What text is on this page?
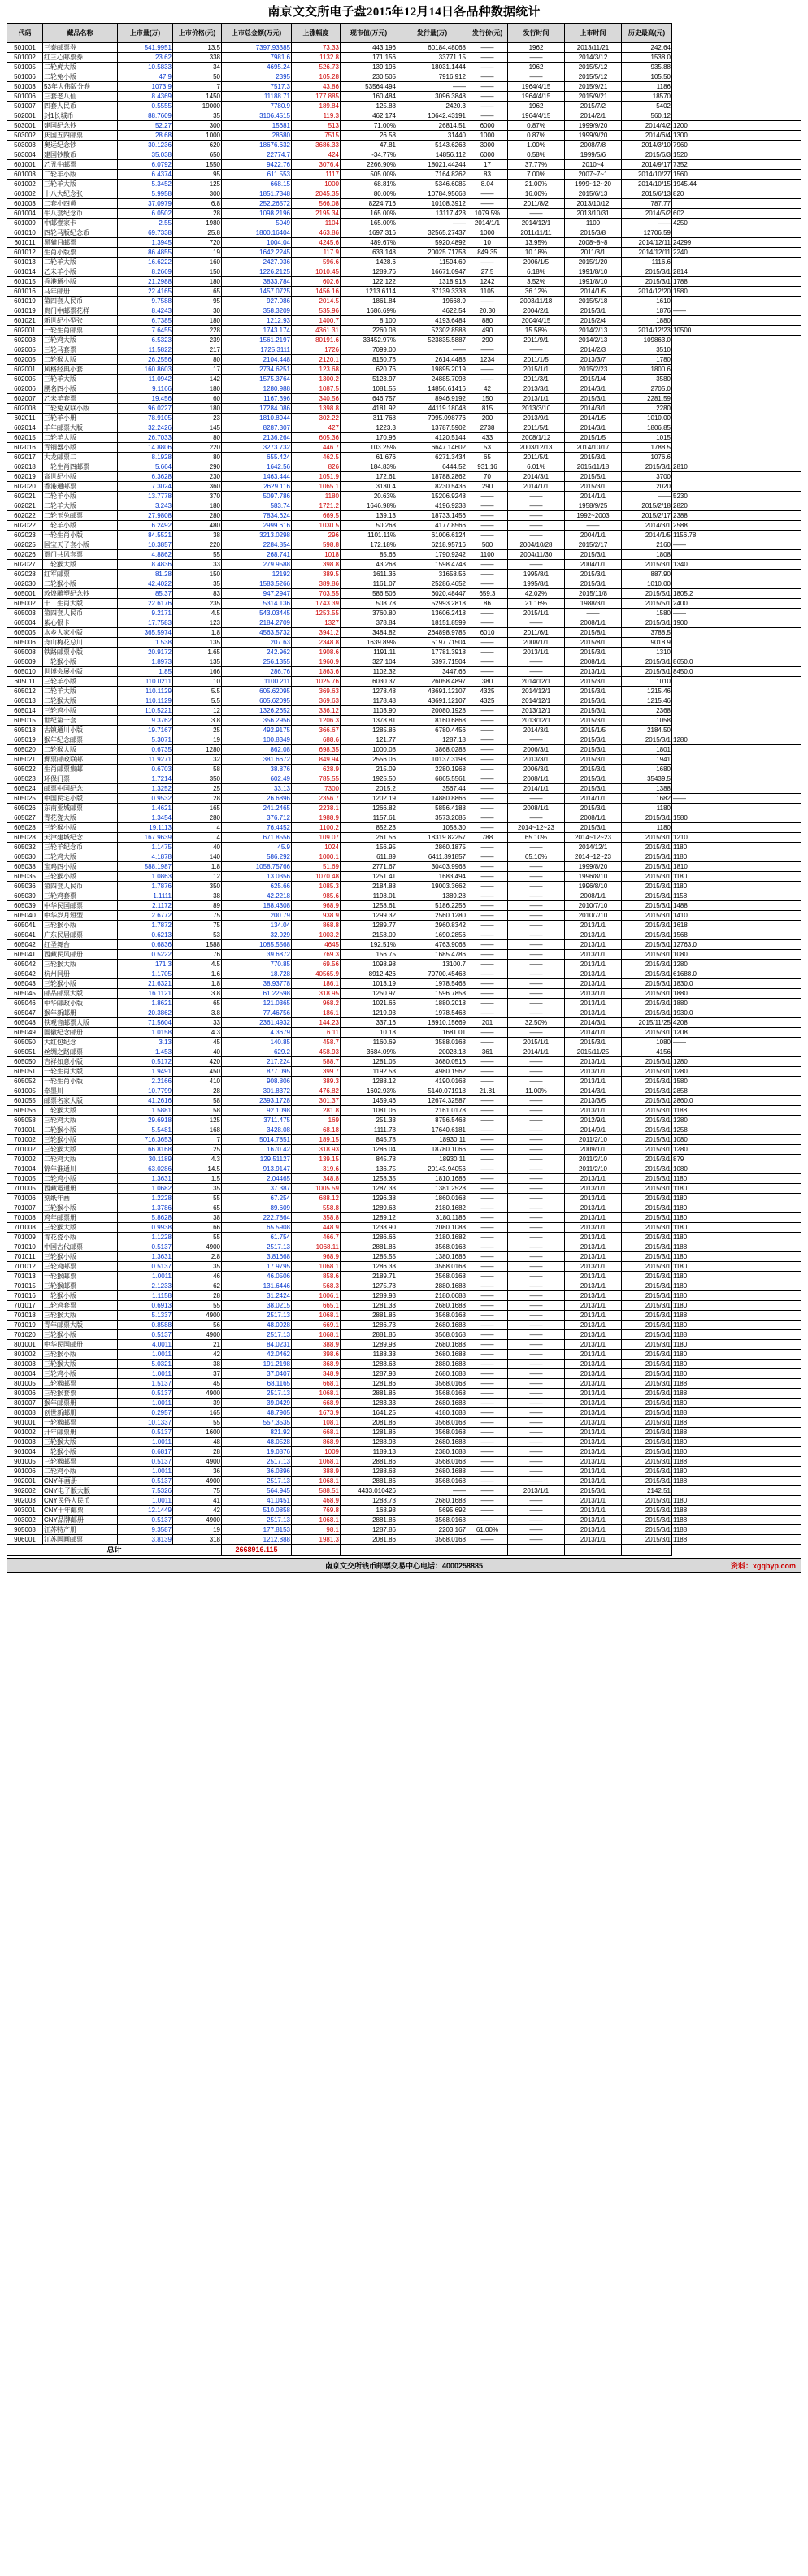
南京文交所电子盘2015年12月14日各品种数据统计
代码	藏品名称	上市量(万)	上市价格(元)	上市总金额(万元)	上涨幅度	现市值(万元)	发行量(万)	发行价(元)	发行时间	上市时间	历史最高(元)	
501001	三泰邮票券	541.9951	13.5	7397.93385	73.33	443.196	60184.48068	——	1962	2013/11/21	242.64	
501002	红三心邮票券	23.62	338	7981.6	1132.8	171.156	33771.15	——	——	2014/3/12	1538.0	
501005	二轮虎大版	10.5833	34	4695.24	526.73	139.196	18031.1444	——	1962	2015/5/12	935.88	
501006	二轮兔小版	47.9	50	2395	105.28	230.505	7916.912	——	——	2015/5/12	105.50	
501003	53年大伟版分卷	1073.9	7	7517.3	43.86	53564.494	——	——	1964/4/15	2015/9/21	1186	
501006	三套老八仙	8.4369	1450	11188.71	177.885	160.484	3096.3848	——	1964/4/15	2015/9/21	18570	
501007	四套人民币	0.5555	19000	7780.9	189.84	125.88	2420.3	——	1962	2015/7/2	5402	
502001	封1长城币	88.7609	35	3106.4515	119.3	462.174	10642.43191	——	1964/4/15	2014/2/1	560.12	
503001	建国纪念钞	52.27	300	15681	513	71.00%	26814.51	6000	0.87%	1999/9/20	2014/4/2	1200
503002	庆国五四邮票	28.68	1000	28680	7515	26.58	31440	1000	0.87%	1999/9/20	2014/6/4	1300
503003	奥运纪念钞	30.1236	620	18676.632	3686.33	47.81	5143.6263	3000	1.00%	2008/7/8	2014/3/10	7960
503004	建国钞散币	35.038	650	22774.7	424	-34.77%	14856.112	6000	0.58%	1999/5/6	2015/6/3	1520
601001	乙丑牛邮票	6.0792	1550	9422.76	3076.4	2266.90%	18021.44244	17	37.77%	2010~4	2014/9/17	7352
601003	二轮羊小版	6.4374	95	611.553	1117	505.00%	7164.8262	83	7.00%	2007~7~1	2014/10/27	1560
601002	三轮羊大版	5.3452	125	668.15	1000	68.81%	5346.6085	8.04	21.00%	1999~12~20	2014/10/15	1945.44
601002	十八大纪念张	5.9958	300	1851.7348	2045.35	80.00%	10784.95668	——	16.00%	2015/6/13	2015/6/13	820
601003	二套小四黄	37.0979	6.8	252.26572	566.08	8224.716	10108.3912	——	2011/8/2	2013/10/12	787.77	
601004	牛八套纪念币	6.0502	28	1098.2196	2195.34	165.00%	13117.423	1079.5%	——	2013/10/31	2014/5/2	602
601009	中邮壹家卡	2.55	1980	5049	1104	165.00%	——	2014/1/1	2014/12/1	1100	——	4250
601010	四轮马版纪念币	69.7338	25.8	1800.16404	463.86	1697.316	32565.27437	1000	2011/11/11	2015/3/8	12706.59	
601011	黑猫目邮票	1.3945	720	1004.04	4245.6	489.67%	5920.4892	10	13.95%	2008~8~8	2014/12/11	24299
601012	生肖小版票	86.4855	19	1642.2245	117.9	633.148	20025.71753	849.35	10.18%	2011/8/1	2014/12/11	2240
601013	二轮羊大版	16.6222	160	2427.936	596.6	1428.6	11594.69	——	2006/1/5	2015/1/20	1116.6	
601014	乙未羊小版	8.2669	150	1226.2125	1010.45	1289.76	16671.0947	27.5	6.18%	1991/8/10	2015/3/1	2814
601015	香港通小版	21.2988	180	3833.784	602.6	122.122	1318.918	1242	3.52%	1991/8/10	2015/3/1	1788
601016	马年邮册	22.4165	65	1457.0725	1456.16	1213.6114	37139.3333	1105	36.12%	2014/1/5	2014/12/20	1580
601019	第四套人民币	9.7588	95	927.086	2014.5	1861.84	19668.9	——	2003/11/18	2015/5/18	1610	
601019	贵门中邮票花样	8.4243	30	358.3209	535.96	1686.69%	4622.54	20.30	2004/2/1	2015/3/1	1876	——
601021	新世纪小型张	6.7385	180	1212.93	1400.7	8.100	4193.6484	880	2004/4/15	2015/2/4	1880	
602001	一轮生肖邮票	7.6455	228	1743.174	4361.31	2260.08	52302.8588	490	15.58%	2014/2/13	2014/12/23	10500
602003	三轮鸡大版	6.5323	239	1561.2197	80191.6	33452.97%	523835.5887	290	2011/9/1	2014/2/13	109863.0	
602005	三轮马套票	11.5822	217	1725.3111	1726	7099.00	——	——	——	2014/2/3	3510	
602005	二轮猴大版	26.2556	80	2104.448	2120.1	8150.76	2614.4488	1234	2011/1/5	2013/3/7	1780	
602001	风格经典小套	160.8603	17	2734.6251	123.68	620.76	19895.2019	——	2015/1/1	2015/2/23	1800.6	
602005	三轮羊大版	11.0942	142	1575.3764	1300.2	5128.97	24885.7098	——	2011/3/1	2015/1/4	3580	
602006	鹏名四小版	9.1166	180	1280.988	1087.5	1081.55	14856.61416	42	2013/3/1	2014/3/1	2705.0	
602007	乙未羊套票	19.456	60	1167.396	340.56	646.757	8946.9192	150	2013/1/1	2015/3/1	2281.59	
602008	二轮兔双联小版	96.0227	180	17284.086	1398.8	4181.92	44119.18048	815	2013/3/10	2014/3/1	2280	
602011	三轮羊小册	78.9105	23	1810.8944	302.22	311.768	7995.098776	200	2013/9/1	2014/1/5	1010.00	
602014	羊年邮票大版	32.2426	145	8287.307	427	1223.3	13787.5902	2738	2011/5/1	2014/3/1	1806.85	
602015	二轮羊大版	26.7033	80	2136.264	605.36	170.96	4120.5144	433	2008/1/12	2015/1/5	1015	
602016	青铜器小版	14.8806	220	3273.732	446.7	103.25%	6647.14602	53	2003/12/13	2014/10/17	1788.5	
602017	大龙邮票二	8.1928	80	655.424	462.5	61.676	6271.3434	65	2011/5/1	2015/3/1	1076.6	
602018	一轮生肖四邮票	5.664	290	1642.56	826	184.83%	6444.52	931.16	6.01%	2015/11/18	2015/3/1	2810
602019	高世纪小版	6.3628	230	1463.444	1051.9	172.61	18788.2862	70	2014/3/1	2015/5/1	3700	
602020	香港通邮票	7.3024	360	2629.116	1065.1	3130.4	8230.5436	290	2014/1/1	2015/3/1	2020	
602021	二轮羊小版	13.7778	370	5097.786	1180	20.63%	15206.9248	——	——	2014/1/1	——	5230
602021	二轮羊大版	3.243	180	583.74	1721.2	1646.98%	4196.9238	——	——	1958/9/25	2015/2/18	2820
602022	二轮玉兔邮票	27.9808	280	7834.624	669.5	139.13	18733.1456	——	——	1992~2003	2015/2/17	2388
602022	二轮羊小版	6.2492	480	2999.616	1030.5	50.268	4177.8566	——	——	——	2014/3/1	2588
602023	一轮生肖小版	84.5521	38	3213.0298	296	1101.11%	61006.6124	——	——	2004/1/1	2014/1/5	1156.78
602025	国宝天子套小版	10.3857	220	2284.854	598.8	172.18%	6218.95716	500	2004/10/28	2015/2/17	2160	——
602026	贾门共风套票	4.8862	55	268.741	1018	85.66	1790.9242	1100	2004/11/30	2015/3/1	1808	
602027	二轮猴大版	8.4836	33	279.9588	398.8	43.268	1598.4748	——	——	2004/1/1	2015/3/1	1340
602028	红军邮票	81.28	150	12192	389.5	1611.36	31658.56	——	1995/8/1	2015/3/1	887.90	
602030	二轮猴小版	42.4022	35	1583.5266	389.86	1161.07	25286.4652	——	1995/8/1	2015/3/1	1010.00	
605001	敦煌雕塑纪念钞	85.37	83	947.2947	703.55	586.506	6020.48447	659.3	42.02%	2015/11/8	2015/5/1	1805.2
605002	十二生肖大版	22.6176	235	5314.136	1743.39	508.78	52993.2818	86	21.16%	1988/3/1	2015/5/1	2400
605003	第四套人民币	9.2171	4.5	543.03445	1253.55	3760.80	13606.2418	——	2015/1/1	——	1580	——
605004	紫心银卡	17.7583	123	2184.2709	1327	378.84	18151.8599	——	——	2008/1/1	2015/3/1	1900
605005	水乡人家小版	365.5974	1.8	4563.5732	3941.2	3484.82	264898.9785	6010	2011/6/1	2015/8/1	3788.5	
605006	舟山梅花总川	1.538	135	207.63	2348.8	1639.89%	5197.71504	——	2008/1/1	2015/8/1	9018.9	
605008	铁路邮票小版	20.9172	1.65	242.962	1908.6	1191.11	17781.3918	——	2013/1/1	2015/3/1	1310	
605009	一轮猴小版	1.8973	135	256.1355	1960.9	327.104	5397.71504	——	——	2008/1/1	2015/3/1	8650.0
605010	世博会展小版	1.85	166	286.76	1863.6	1102.32	3447.66	——	——	2013/1/1	2015/3/1	8450.0
605011	三轮羊小版	110.0211	10	1100.211	1025.76	6030.37	26058.4897	380	2014/12/1	2015/3/1	1010	
605012	二轮羊大版	110.1129	5.5	605.62095	369.63	1278.48	43691.12107	4325	2014/12/1	2015/3/1	1215.46	
605013	二轮猴大版	110.1129	5.5	605.62095	369.63	1178.48	43691.12107	4325	2014/12/1	2015/3/1	1215.46	
605014	三轮鸡小版	110.5221	12	1326.2652	336.12	1103.90	20080.1928	——	2013/12/1	2015/3/1	2368	
605015	世纪第一套	9.3762	3.8	356.2956	1206.3	1378.81	8160.6868	——	2013/12/1	2015/3/1	1058	
605018	古镇通川小版	19.7167	25	492.9175	366.67	1285.86	6780.4456	——	2014/3/1	2015/1/5	2184.50	
605019	猴年纪念邮票	5.3071	19	100.8349	688.6	121.77	1287.18	——	——	2015/3/1	2015/3/1	1280
605020	二轮猴大版	0.6735	1280	862.08	698.35	1000.08	3868.0288	——	2006/3/1	2015/3/1	1801	
605021	郵票邮政联邮	11.9271	32	381.6672	849.94	2556.06	10137.3193	——	2013/3/1	2015/3/1	1941	
605022	生肖邮票集邮	0.6703	58	38.876	628.9	215.09	2280.1968	——	2006/3/1	2015/3/1	1680	
605023	环保门票	1.7214	350	602.49	785.55	1925.50	6865.5561	——	2008/1/1	2015/3/1	35439.5	
605024	邮票中国纪念	1.3252	25	33.13	7300	2015.2	3567.44	——	2014/1/1	2015/3/1	1388	
605025	中国民宅小版	0.9532	28	26.6896	2356.7	1202.19	14880.8866	——	——	2014/1/1	1682	——
605026	东南亚城邮票	1.4621	165	241.2465	2238.1	1266.82	5856.4188	——	2008/1/1	2015/3/1	1180	
605027	青花瓷大版	1.3454	280	376.712	1988.9	1157.61	3573.2085	——	——	2008/1/1	2015/3/1	1580
605028	三轮猴小版	19.1113	4	76.4452	1100.2	852.23	1058.30	——	2014~12~23	2015/3/1	1180	
605028	天津建城纪念	167.9639	4	671.8556	109.07	261.56	18319.82257	788	65.10%	2014~12~23	2015/3/1	1210
605032	三轮羊纪念币	1.1475	40	45.9	1024	156.95	2860.1875	——	——	2014/12/1	2015/3/1	1180
605030	二轮鸡大版	4.1878	140	586.292	1000.1	611.89	6411.391857	——	65.10%	2014~12~23	2015/3/1	1180
605038	宝鸡四小版	588.1987	1.8	1058.75766	51.69	2771.67	30403.9968	——	——	1999/8/20	2015/3/1	1810
605035	三轮猴小版	1.0863	12	13.0356	1070.48	1251.41	1683.494	——	——	1996/8/10	2015/3/1	1180
605036	第四套人民币	1.7876	350	625.66	1085.3	2184.88	19003.3662	——	——	1996/8/10	2015/3/1	1180
605039	三轮鸡套票	1.1111	38	42.2218	985.6	1198.01	1389.28	——	——	2008/1/1	2015/3/1	1158
605039	中华民国邮票	2.1172	89	188.4308	968.9	1258.61	5186.2256	——	——	2010/7/10	2015/3/1	1488
605040	中华岁月短型	2.6772	75	200.79	938.9	1299.32	2560.1280	——	——	2010/7/10	2015/3/1	1410
605041	三轮猴小版	1.7872	75	134.04	868.8	1289.77	2960.8342	——	——	2013/1/1	2015/3/1	1618
605041	广东民居邮票	0.6213	53	32.929	1003.2	2158.09	1690.2856	——	——	2013/1/1	2015/3/1	1568
605042	红圣舞台	0.6836	1588	1085.5568	4645	192.51%	4763.9068	——	——	2013/1/1	2015/3/1	12763.0
605041	西藏民风邮册	0.5222	76	39.6872	769.3	156.75	1685.4786	——	——	2013/1/1	2015/3/1	1080
605042	三轮猴大版	171.3	4.5	770.85	69.56	1098.98	13100.7	——	——	2013/1/1	2015/3/1	1280
605042	杭州同册	1.1705	1.6	18.728	40565.9	8912.426	79700.45468	——	——	2013/1/1	2015/3/1	61688.0
605043	三轮猴小版	21.6321	1.8	38.93778	186.1	1013.19	1978.5468	——	——	2013/1/1	2015/3/1	1830.0
605045	邮品邮票大版	16.1121	3.8	61.22598	318.95	1250.97	1596.7858	——	——	2013/1/1	2015/3/1	1880
605046	中华邮政小版	1.8621	65	121.0365	968.2	1021.66	1880.2018	——	——	2013/1/1	2015/3/1	1880
605047	猴年新邮册	20.3862	3.8	77.46756	186.1	1219.93	1978.5468	——	——	2013/1/1	2015/3/1	1930.0
605048	铁观音邮票大版	71.5604	33	2361.4932	144.23	337.16	18910.15669	201	32.50%	2014/3/1	2015/11/25	4208
605049	国徽纪念邮册	1.0158	4.3	4.3679	6.11	10.18	1681.01	——	——	2014/1/1	2015/3/1	1208
605050	大红包纪念	3.13	45	140.85	458.7	1160.69	3588.0168	——	2015/1/1	2015/3/1	1080	——
605051	丝绸之路邮票	1.453	40	629.2	458.93	3684.09%	20028.18	361	2014/1/1	2015/11/25	4156	
605050	吉祥如意小版	0.5172	420	217.224	588.7	1281.05	3680.0516	——	——	2013/1/1	2015/3/1	1280
605051	一轮生肖大版	1.9491	450	877.095	399.7	1192.53	4980.1562	——	——	2013/1/1	2015/3/1	1280
605052	一轮生肖小版	2.2166	410	908.806	389.3	1288.12	4190.0168	——	——	2013/1/1	2015/3/1	1580
601005	牵墨川	10.7799	28	301.8372	476.82	1602.93%	5140.071918	21.81	11.00%	2014/3/1	2015/3/1	2858
601055	邮票名家大版	41.2616	58	2393.1728	301.37	1459.46	12674.32587	——	——	2013/3/5	2015/3/1	2860.0
605056	二轮猴大版	1.5881	58	92.1098	281.8	1081.06	2161.0178	——	——	2013/1/1	2015/3/1	1188
605058	三轮鸡大版	29.6918	125	3711.475	169	251.33	8756.5468	——	——	2012/9/1	2015/3/1	1280
701001	二轮猴小版	5.5481	168	3428.08	68.18	1111.78	17640.6181	——	——	2014/9/1	2015/3/1	1258
701002	三轮猴小版	716.3653	7	5014.7851	189.15	845.78	18930.11	——	——	2011/2/10	2015/3/1	1080
701002	三轮猴大版	66.8168	25	1670.42	318.93	1286.04	18780.1066	——	——	2009/1/1	2015/3/1	1280
701002	二轮鸡大版	30.1189	4.3	129.51127	139.15	845.78	18930.11	——	——	2011/2/10	2015/3/1	879
701004	锦年淮通川	63.0286	14.5	913.9147	319.6	136.75	20143.94056	——	——	2011/2/10	2015/3/1	1080
701005	二轮鸡小版	1.3631	1.5	2.04465	348.8	1258.35	1810.1686	——	——	2013/1/1	2015/3/1	1180
701005	西藏電通册	1.0682	35	37.387	1005.59	1287.33	1381.2528	——	——	2013/1/1	2015/3/1	1180
701006	刻纸年画	1.2228	55	67.254	688.12	1296.38	1860.0168	——	——	2013/1/1	2015/3/1	1180
701007	三轮猴小版	1.3786	65	89.609	558.8	1289.63	2180.1682	——	——	2013/1/1	2015/3/1	1180
701008	鸡年邮票册	5.8628	38	222.7864	358.8	1289.12	3180.1186	——	——	2013/1/1	2015/3/1	1180
701008	三轮猴大版	0.9938	66	65.5908	448.9	1238.90	2080.1088	——	——	2013/1/1	2015/3/1	1180
701009	青花瓷小版	1.1228	55	61.754	466.7	1286.66	2180.1682	——	——	2013/1/1	2015/3/1	1180
701010	中国古代邮票	0.5137	4900	2517.13	1068.11	2881.86	3568.0168	——	——	2013/1/1	2015/3/1	1188
701011	三轮猴小版	1.3631	2.8	3.81668	968.9	1285.55	1380.1686	——	——	2013/1/1	2015/3/1	1180
701012	三轮鸡邮票	0.5137	35	17.9795	1068.1	1286.33	3568.0168	——	——	2013/1/1	2015/3/1	1180
701013	一轮猴邮票	1.0011	46	46.0506	858.6	2189.71	2568.0168	——	——	2013/1/1	2015/3/1	1180
701015	三轮猴邮票	2.1233	62	131.6446	568.3	1275.78	2880.1688	——	——	2013/1/1	2015/3/1	1180
701016	一轮猴小版	1.1158	28	31.2424	1006.1	1289.93	2180.0688	——	——	2013/1/1	2015/3/1	1180
701017	二轮鸡套票	0.6913	55	38.0215	665.1	1281.33	2680.1688	——	——	2013/1/1	2015/3/1	1180
701018	三轮猴大版	5.1337	4900	2517.13	1068.1	2881.86	3568.0168	——	——	2013/1/1	2015/3/1	1188
701019	青年邮票大版	0.8588	56	48.0928	669.1	1286.73	2680.1688	——	——	2013/1/1	2015/3/1	1180
701020	三轮猴小版	0.5137	4900	2517.13	1068.1	2881.86	3568.0168	——	——	2013/1/1	2015/3/1	1188
801001	中华民国邮册	4.0011	21	84.0231	388.9	1289.93	2680.1688	——	——	2013/1/1	2015/3/1	1180
801002	三轮猴小版	1.0011	42	42.0462	398.6	1188.33	2680.1688	——	——	2013/1/1	2015/3/1	1180
801003	三轮猴大版	5.0321	38	191.2198	368.9	1288.63	2880.1688	——	——	2013/1/1	2015/3/1	1180
801004	三轮鸡小版	1.0011	37	37.0407	348.9	1287.93	2680.1688	——	——	2013/1/1	2015/3/1	1180
801005	二轮猴邮票	1.5137	45	68.1165	668.1	1281.86	3568.0168	——	——	2013/1/1	2015/3/1	1188
801006	三轮猴套票	0.5137	4900	2517.13	1068.1	2881.86	3568.0168	——	——	2013/1/1	2015/3/1	1188
801007	猴年邮票册	1.0011	39	39.0429	668.9	1283.33	2680.1688	——	——	2013/1/1	2015/3/1	1180
801008	创世新邮册	0.2957	165	48.7905	1673.9	1641.25	4180.1688	——	——	2013/1/1	2015/3/1	1188
901001	一轮猴邮票	10.1337	55	557.3535	108.1	2081.86	3568.0168	——	——	2013/1/1	2015/3/1	1188
901002	开年邮票册	0.5137	1600	821.92	668.1	1281.86	3568.0168	——	——	2013/1/1	2015/3/1	1188
901003	三轮猴大版	1.0011	48	48.0528	868.9	1288.93	2680.1688	——	——	2013/1/1	2015/3/1	1180
901004	一轮猴小版	0.6817	28	19.0876	1009	1189.13	2380.1688	——	——	2013/1/1	2015/3/1	1180
901005	三轮猴邮票	0.5137	4900	2517.13	1068.1	2881.86	3568.0168	——	——	2013/1/1	2015/3/1	1188
901006	二轮鸡小版	1.0011	36	36.0396	388.9	1288.63	2680.1688	——	——	2013/1/1	2015/3/1	1180
902001	CNY年画册	0.5137	4900	2517.13	1068.1	2881.86	3568.0168	——	——	2013/1/1	2015/3/1	1188
902002	CNY电子版大版	7.5326	75	564.945	588.51	4433.010426	——	——	2013/1/1	2015/3/1	2142.51	
902003	CNY民俗人民币	1.0011	41	41.0451	468.9	1288.73	2680.1688	——	——	2013/1/1	2015/3/1	1180
903001	CNY十年邮票	12.1449	42	510.0858	769.8	168.93	5695.692	——	——	2013/1/1	2015/3/1	1188
903002	CNY品牌邮册	0.5137	4900	2517.13	1068.1	2881.86	3568.0168	——	——	2013/1/1	2015/3/1	1188
905003	江苏特产册	9.3587	19	177.8153	98.1	1287.86	2203.167	61.00%	——	2013/1/1	2015/3/1	1188
906001	江苏国画邮票	3.8139	318	1212.888	1981.3	2081.86	3568.0168	——	——	2013/1/1	2015/3/1	1188
总计				2668916.115								
南京文交所钱币邮票交易中心电话：4000258885	资料：xgqbyp.com
